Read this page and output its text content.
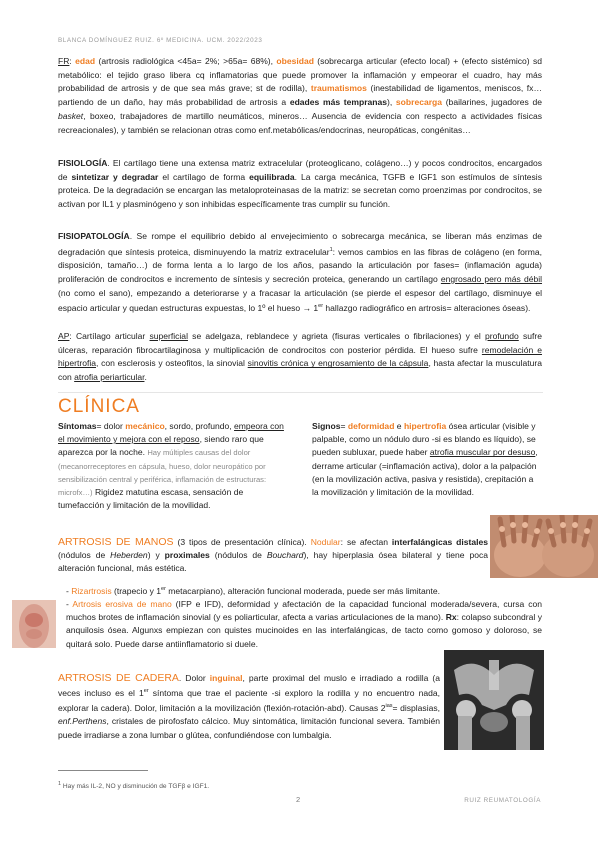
BLANCA DOMÍNGUEZ RUIZ. 6º MEDICINA. UCM. 2022/2023

FR: edad (artrosis radiológica <45a= 2%; >65a= 68%), obesidad (sobrecarga articular (efecto local) + (efecto sistémico) sd metabólico: el tejido graso libera cq inflamatorias que puede promover la inflamación y empeorar el cuadro, hay más probabilidad de artrosis y de que sea más grave; st de rodilla), traumatismos (inestabilidad de ligamentos, meniscos, fx… partiendo de un daño, hay más probabilidad de artrosis a edades más tempranas), sobrecarga (bailarines, jugadores de basket, boxeo, trabajadores de martillo neumáticos, mineros… Ausencia de evidencia con respecto a actividades físicas recreacionales), y también se relacionan otras como enf.metabólicas/endocrinas, neuropáticas, congénitas…

FISIOLOGÍA. El cartílago tiene una extensa matriz extracelular (proteoglicano, colágeno…) y pocos condrocitos, encargados de sintetizar y degradar el cartílago de forma equilibrada. La carga mecánica, TGFB e IGF1 son estímulos de síntesis proteica. De la degradación se encargan las metaloproteinasas de la matriz: se secretan como proenzimas por condrocitos, se activan por IL1 y plasminógeno y son inhibidas específicamente tras cumplir su función.

FISIOPATOLOGÍA. Se rompe el equilibrio debido al envejecimiento o sobrecarga mecánica, se liberan más enzimas de degradación que síntesis proteica, disminuyendo la matriz extracelular$^1$: vemos cambios en las fibras de colágeno (en forma, disposición, tamaño…) de forma lenta a lo largo de los años, pasando la articulación por fases= (inflamación aguda) proliferación de condrocitos e incremento de síntesis y secreción proteica, generando un cartílago engrosado pero más débil (no como el sano), empezando a deteriorarse y a fracasar la articulación (se pierde el espesor del cartílago, disminuye el espacio articular y quedan estructuras expuestas, lo 1º el hueso → 1er hallazgo radiográfico en artrosis= alteraciones óseas).

AP: Cartílago articular superficial se adelgaza, reblandece y agrieta (fisuras verticales o fibrilaciones) y el profundo sufre úlceras, reparación fibrocartilaginosa y multiplicación de condrocitos con posterior pérdida. El hueso sufre remodelación e hipertrofia, con esclerosis y osteofitos, la sinovial sinovitis crónica y engrosamiento de la cápsula, hasta afectar la musculatura con atrofia periarticular.

CLÍNICA

Síntomas= dolor mecánico, sordo, profundo, empeora con el movimiento y mejora con el reposo, siendo raro que aparezca por la noche. Hay múltiples causas del dolor (mecanorreceptores en cápsula, hueso, dolor neuropático por sensibilización central y periférica, inflamación de estructuras: microfx…) Rigidez matutina escasa, sensación de tumefacción y limitación de la movilidad.

Signos= deformidad e hipertrofia ósea articular (visible y palpable, como un nódulo duro -si es blando es líquido), se pueden subluxar, puede haber atrofia muscular por desuso, derrame articular (=inflamación activa), dolor a la palpación (en la movilización activa, pasiva y resistida), crepitación a la movilización y limitación de la movilidad.

ARTROSIS DE MANOS (3 tipos de presentación clínica). Nodular: se afectan interfalángicas distales (nódulos de Heberden) y proximales (nódulos de Bouchard), hay hiperplasia ósea bilateral y tiene poca alteración funcional, más estética.

- Rizartrosis (trapecio y 1er metacarpiano), alteración funcional moderada, puede ser más limitante.

- Artrosis erosiva de mano (IFP e IFD), deformidad y afectación de la capacidad funcional moderada/severa, cursa con muchos brotes de inflamación sinovial (y es poliarticular, afecta a varias articulaciones de la mano). Rx: colapso subcondral y anquilosis ósea. Algunxs empiezan con quistes mucinoides en las interfalángicas, de tacto como gomoso y doloroso, se quitará solo. Puede darse antiinflamatorio si duele.

ARTROSIS DE CADERA. Dolor inguinal, parte proximal del muslo e irradiado a rodilla (a veces incluso es el 1er síntoma que trae el paciente -si exploro la rodilla y no encuentro nada, explorar la cadera). Dolor, limitación a la movilización (flexión-rotación-abd). Causas $2^{ias}=$ displasias, enf.Perthens, cristales de pirofosfato cálcico. Muy sintomática, limitación funcional severa. También puede irradiarse a zona lumbar o glútea, confundiéndose con lumbalgia.

$^1$ Hay más IL-2, NO y disminución de TGFβ e IGF1.
2	RUIZ REUMATOLOGÍA
